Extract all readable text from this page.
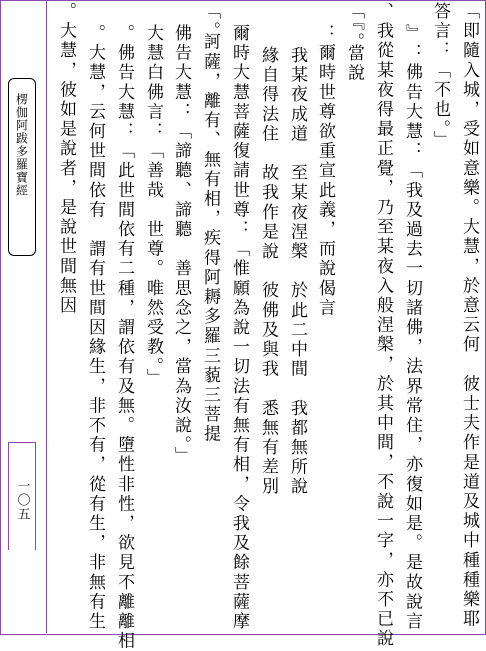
楞伽阿跋多羅寶經
一〇五
即隨入城，受如意樂。大慧，於意云何　彼士夫作是道及城中種種樂耶」
答言：「不也。」
佛告大慧：「我及過去一切諸佛，法界常住，亦復如是。是故說言：『
我從某夜得最正覺，乃至某夜入般涅槃，於其中間，不說一字，亦不已說、
當說。』」
爾時世尊欲重宣此義，而說偈言：
我某夜成道　至某夜涅槃　於此二中間　我都無所說
緣自得法住　故我作是說　彼佛及與我　悉無有差別
爾時大慧菩薩復請世尊：「惟願為說一切法有無有相，令我及餘菩薩摩
訶薩，離有、無有相，疾得阿耨多羅三藐三菩提。」
佛告大慧：「諦聽、諦聽　善思念之，當為汝說。」
大慧白佛言：「善哉　世尊。唯然受教。」
佛告大慧：「此世間依有二種，謂依有及無。墮性非性，欲見不離離相。
大慧，云何世間依有　謂有世間因緣生，非不有，從有生，非無有生。
大慧，彼如是說者，是說世間無因。
